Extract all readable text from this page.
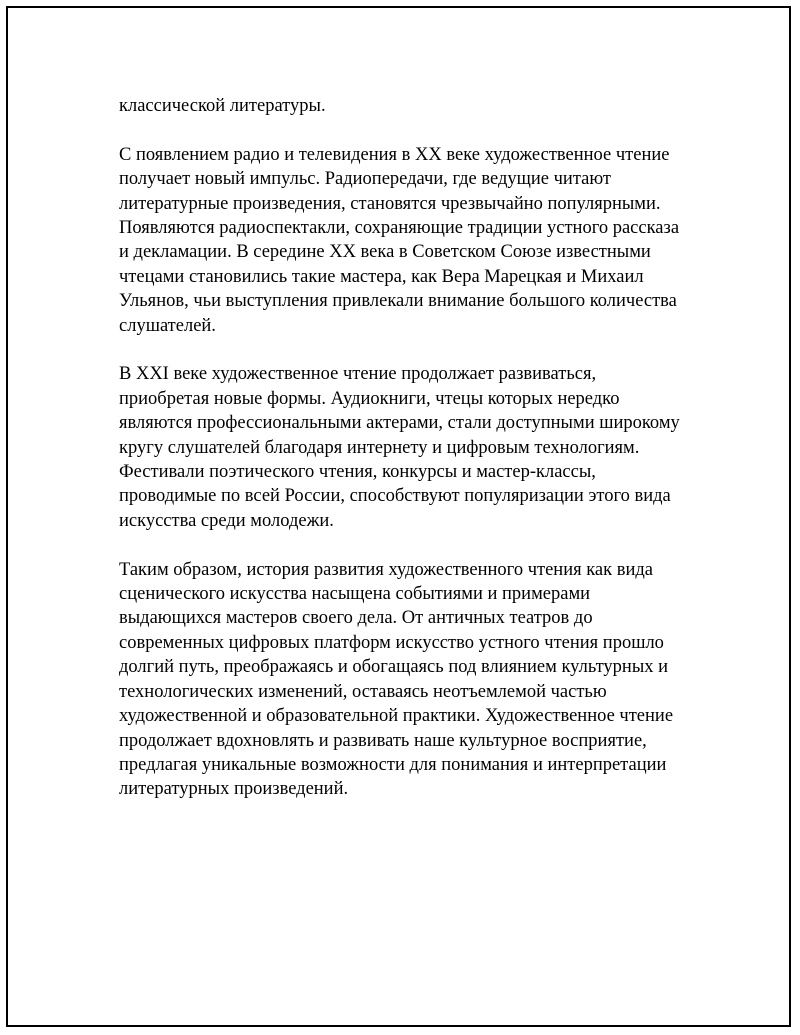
классической литературы.

С появлением радио и телевидения в XX веке художественное чтение
получает новый импульс. Радиопередачи, где ведущие читают
литературные произведения, становятся чрезвычайно популярными.
Появляются радиоспектакли, сохраняющие традиции устного рассказа
и декламации. В середине XX века в Советском Союзе известными
чтецами становились такие мастера, как Вера Марецкая и Михаил
Ульянов, чьи выступления привлекали внимание большого количества
слушателей.

В XXI веке художественное чтение продолжает развиваться,
приобретая новые формы. Аудиокниги, чтецы которых нередко
являются профессиональными актерами, стали доступными широкому
кругу слушателей благодаря интернету и цифровым технологиям.
Фестивали поэтического чтения, конкурсы и мастер-классы,
проводимые по всей России, способствуют популяризации этого вида
искусства среди молодежи.

Таким образом, история развития художественного чтения как вида
сценического искусства насыщена событиями и примерами
выдающихся мастеров своего дела. От античных театров до
современных цифровых платформ искусство устного чтения прошло
долгий путь, преображаясь и обогащаясь под влиянием культурных и
технологических изменений, оставаясь неотъемлемой частью
художественной и образовательной практики. Художественное чтение
продолжает вдохновлять и развивать наше культурное восприятие,
предлагая уникальные возможности для понимания и интерпретации
литературных произведений.
